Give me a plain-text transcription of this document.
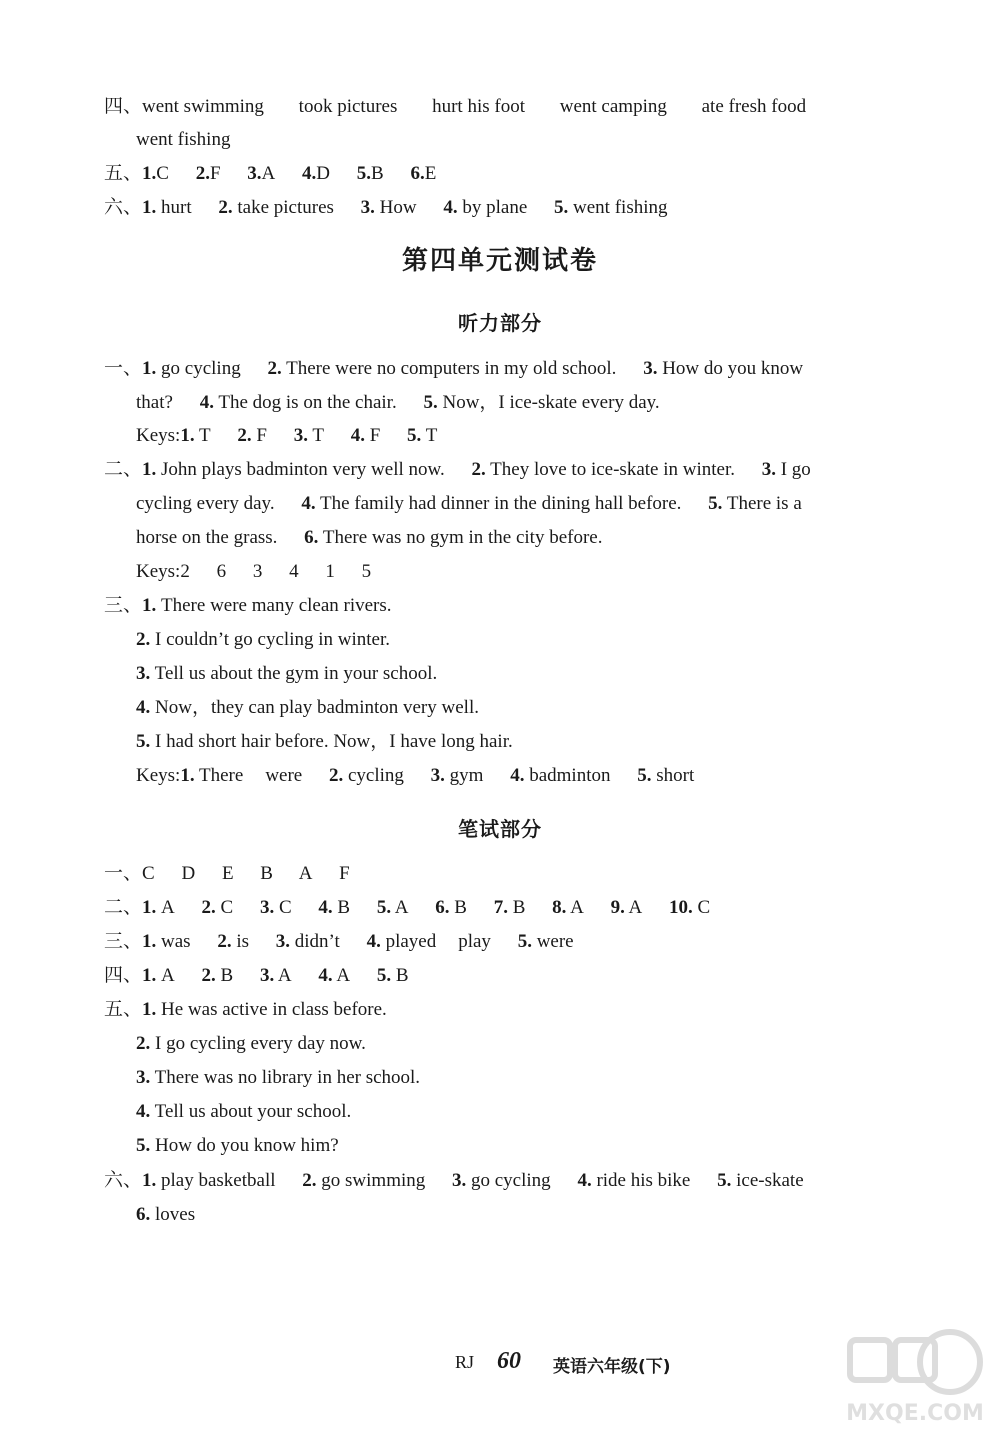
四、went swimming took pictures hurt his foot went camping ate fresh food
went fishing
五、1.C 2.F 3.A 4.D 5.B 6.E
六、1. hurt 2. take pictures 3. How 4. by plane 5. went fishing
第四单元测试卷
听力部分
一、1. go cycling 2. There were no computers in my old school. 3. How do you know
that? 4. The dog is on the chair. 5. Now，I ice-skate every day.
Keys:1. T 2. F 3. T 4. F 5. T
二、1. John plays badminton very well now. 2. They love to ice-skate in winter. 3. I go
cycling every day. 4. The family had dinner in the dining hall before. 5. There is a
horse on the grass. 6. There was no gym in the city before.
Keys:2 6 3 4 1 5
三、1. There were many clean rivers.
2. I couldn’t go cycling in winter.
3. Tell us about the gym in your school.
4. Now，they can play badminton very well.
5. I had short hair before. Now，I have long hair.
Keys:1. There were 2. cycling 3. gym 4. badminton 5. short
笔试部分
一、C D E B A F
二、1. A 2. C 3. C 4. B 5. A 6. B 7. B 8. A 9. A 10. C
三、1. was 2. is 3. didn’t 4. played play 5. were
四、1. A 2. B 3. A 4. A 5. B
五、1. He was active in class before.
2. I go cycling every day now.
3. There was no library in her school.
4. Tell us about your school.
5. How do you know him?
六、1. play basketball 2. go swimming 3. go cycling 4. ride his bike 5. ice-skate
6. loves
RJ 60 英语六年级(下)
MXQE.COM
